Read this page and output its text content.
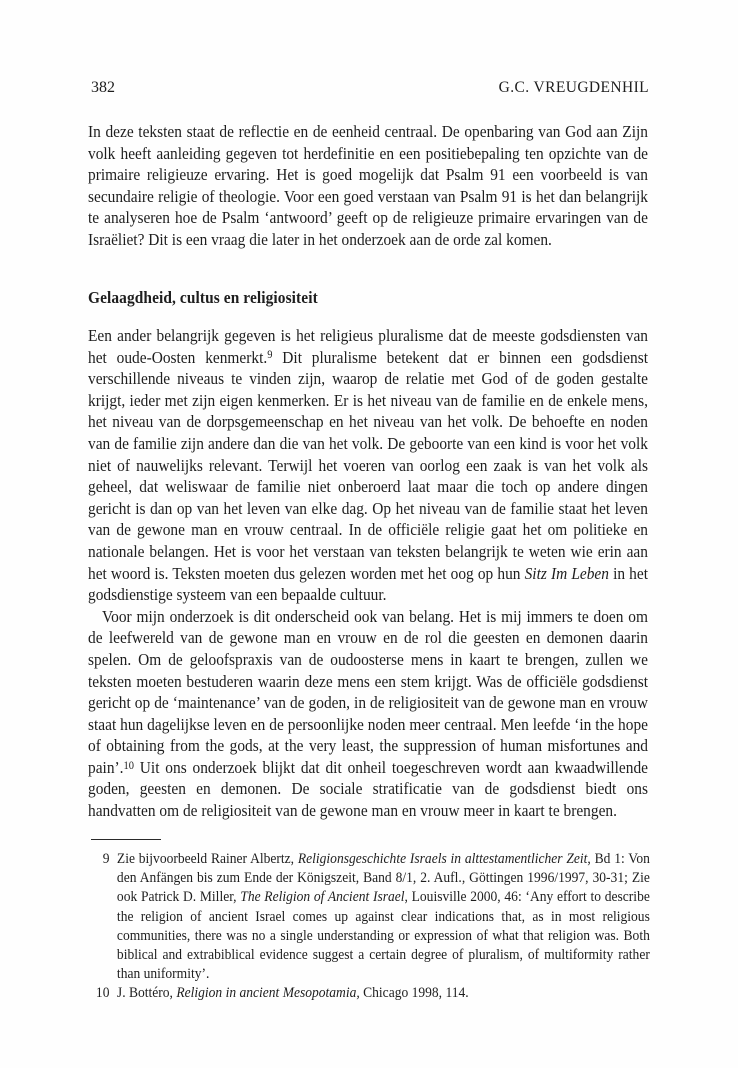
382	G.C. VREUGDENHIL
In deze teksten staat de reflectie en de eenheid centraal. De openbaring van God aan Zijn volk heeft aanleiding gegeven tot herdefinitie en een positiebepaling ten opzichte van de primaire religieuze ervaring. Het is goed mogelijk dat Psalm 91 een voorbeeld is van secundaire religie of theologie. Voor een goed verstaan van Psalm 91 is het dan belangrijk te analyseren hoe de Psalm ‘antwoord’ geeft op de religieuze primaire ervaringen van de Israëliet? Dit is een vraag die later in het onderzoek aan de orde zal komen.
Gelaagdheid, cultus en religiositeit
Een ander belangrijk gegeven is het religieus pluralisme dat de meeste godsdiensten van het oude-Oosten kenmerkt.$^9$ Dit pluralisme betekent dat er binnen een godsdienst verschillende niveaus te vinden zijn, waarop de relatie met God of de goden gestalte krijgt, ieder met zijn eigen kenmerken. Er is het niveau van de familie en de enkele mens, het niveau van de dorpsgemeenschap en het niveau van het volk. De behoefte en noden van de familie zijn andere dan die van het volk. De geboorte van een kind is voor het volk niet of nauwelijks relevant. Terwijl het voeren van oorlog een zaak is van het volk als geheel, dat weliswaar de familie niet onberoerd laat maar die toch op andere dingen gericht is dan op van het leven van elke dag. Op het niveau van de familie staat het leven van de gewone man en vrouw centraal. In de officiële religie gaat het om politieke en nationale belangen. Het is voor het verstaan van teksten belangrijk te weten wie erin aan het woord is. Teksten moeten dus gelezen worden met het oog op hun Sitz Im Leben in het godsdienstige systeem van een bepaalde cultuur.
Voor mijn onderzoek is dit onderscheid ook van belang. Het is mij immers te doen om de leefwereld van de gewone man en vrouw en de rol die geesten en demonen daarin spelen. Om de geloofspraxis van de oudoosterse mens in kaart te brengen, zullen we teksten moeten bestuderen waarin deze mens een stem krijgt. Was de officiële godsdienst gericht op de ‘maintenance’ van de goden, in de religiositeit van de gewone man en vrouw staat hun dagelijkse leven en de persoonlijke noden meer centraal. Men leefde ‘in the hope of obtaining from the gods, at the very least, the suppression of human misfortunes and pain’.$^{10}$ Uit ons onderzoek blijkt dat dit onheil toegeschreven wordt aan kwaadwillende goden, geesten en demonen. De sociale stratificatie van de godsdienst biedt ons handvatten om de religiositeit van de gewone man en vrouw meer in kaart te brengen.
9 Zie bijvoorbeeld Rainer Albertz, Religionsgeschichte Israels in alttestamentlicher Zeit, Bd 1: Von den Anfängen bis zum Ende der Königszeit, Band 8/1, 2. Aufl., Göttingen 1996/1997, 30-31; Zie ook Patrick D. Miller, The Religion of Ancient Israel, Louisville 2000, 46: ‘Any effort to describe the religion of ancient Israel comes up against clear indications that, as in most religious communities, there was no a single understanding or expression of what that religion was. Both biblical and extrabiblical evidence suggest a certain degree of pluralism, of multiformity rather than uniformity’.
10 J. Bottéro, Religion in ancient Mesopotamia, Chicago 1998, 114.
